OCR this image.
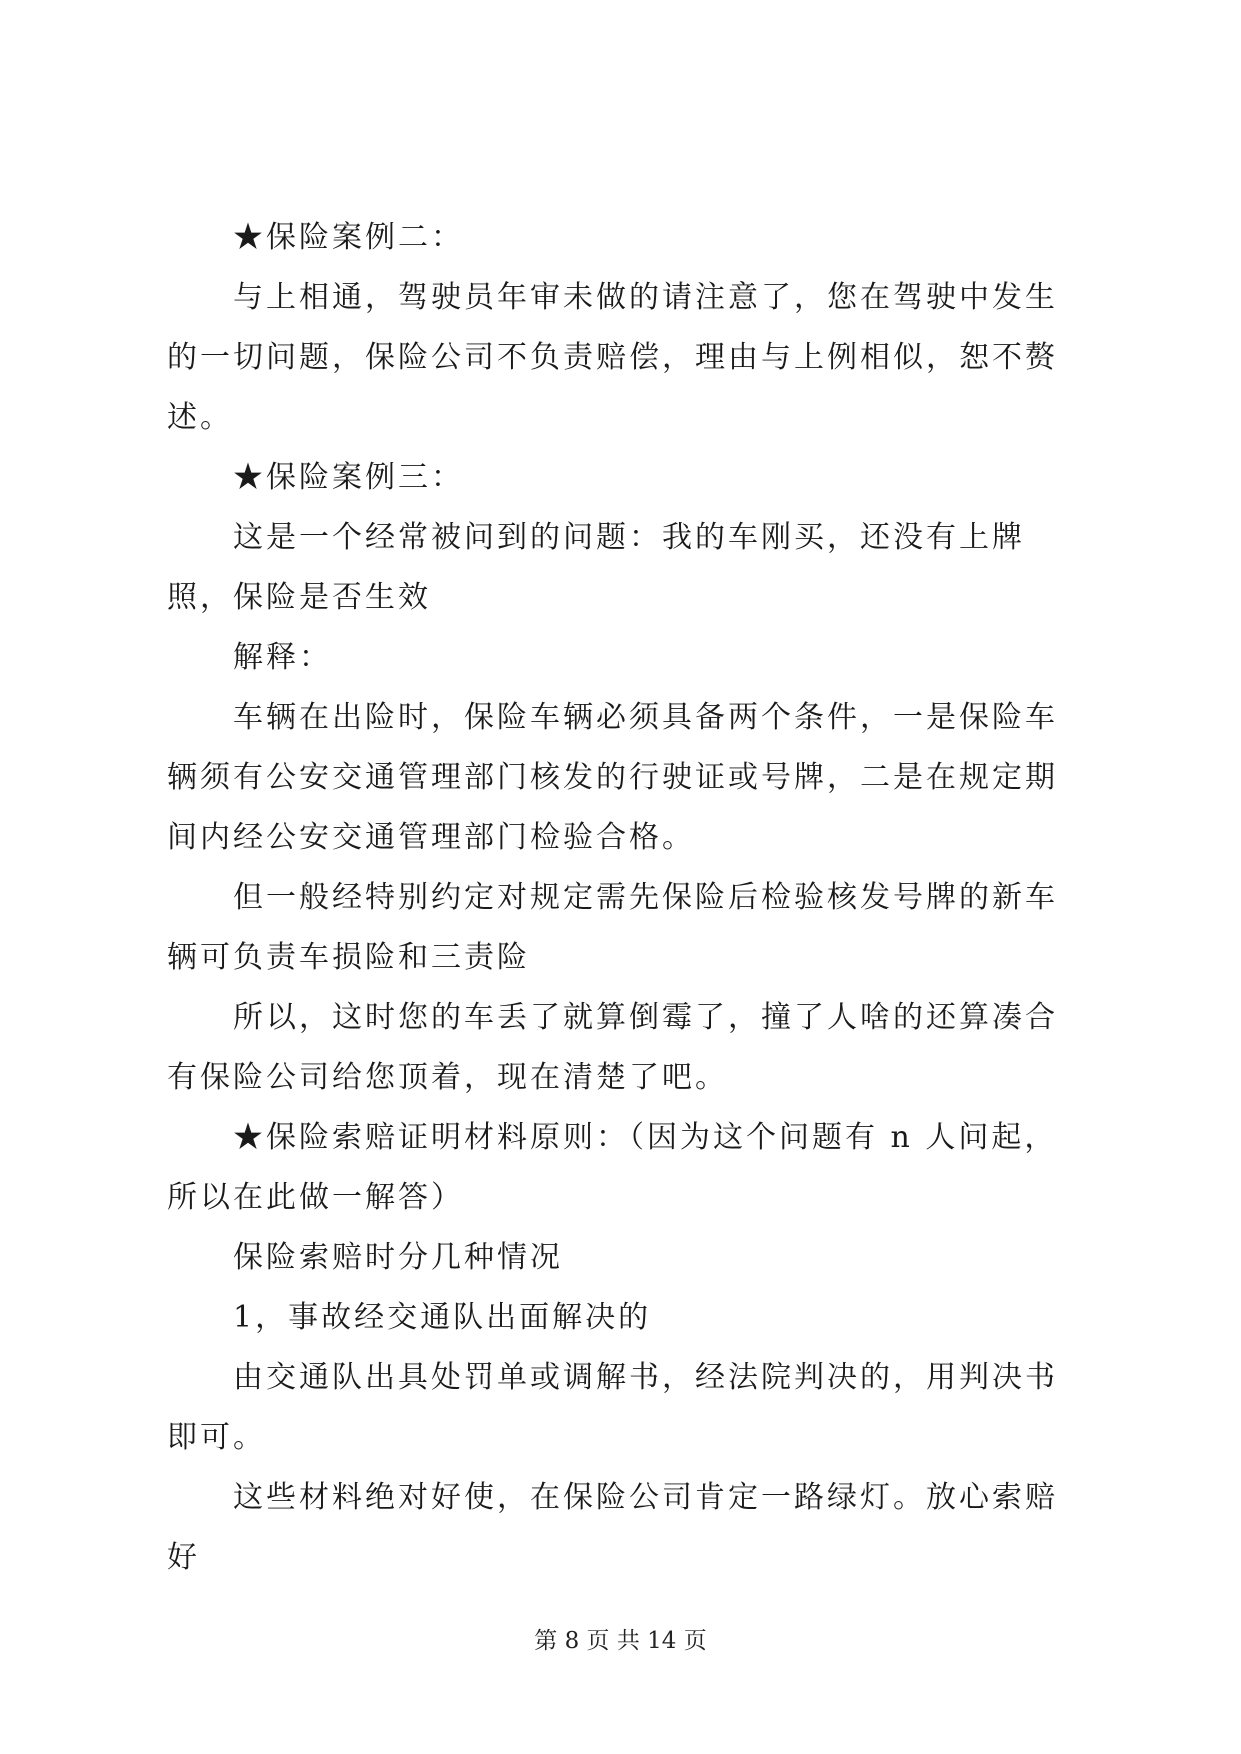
★保险案例二：

与上相通，驾驶员年审未做的请注意了，您在驾驶中发生的一切问题，保险公司不负责赔偿，理由与上例相似，恕不赘述。

★保险案例三：

这是一个经常被问到的问题：我的车刚买，还没有上牌照，保险是否生效

解释：

车辆在出险时，保险车辆必须具备两个条件，一是保险车辆须有公安交通管理部门核发的行驶证或号牌，二是在规定期间内经公安交通管理部门检验合格。

但一般经特别约定对规定需先保险后检验核发号牌的新车辆可负责车损险和三责险

所以，这时您的车丢了就算倒霉了，撞了人啥的还算凑合有保险公司给您顶着，现在清楚了吧。

★保险索赔证明材料原则：（因为这个问题有 n 人问起，所以在此做一解答）

保险索赔时分几种情况

1，事故经交通队出面解决的

由交通队出具处罚单或调解书，经法院判决的，用判决书即可。

这些材料绝对好使，在保险公司肯定一路绿灯。放心索赔好

第 8 页 共 14 页
